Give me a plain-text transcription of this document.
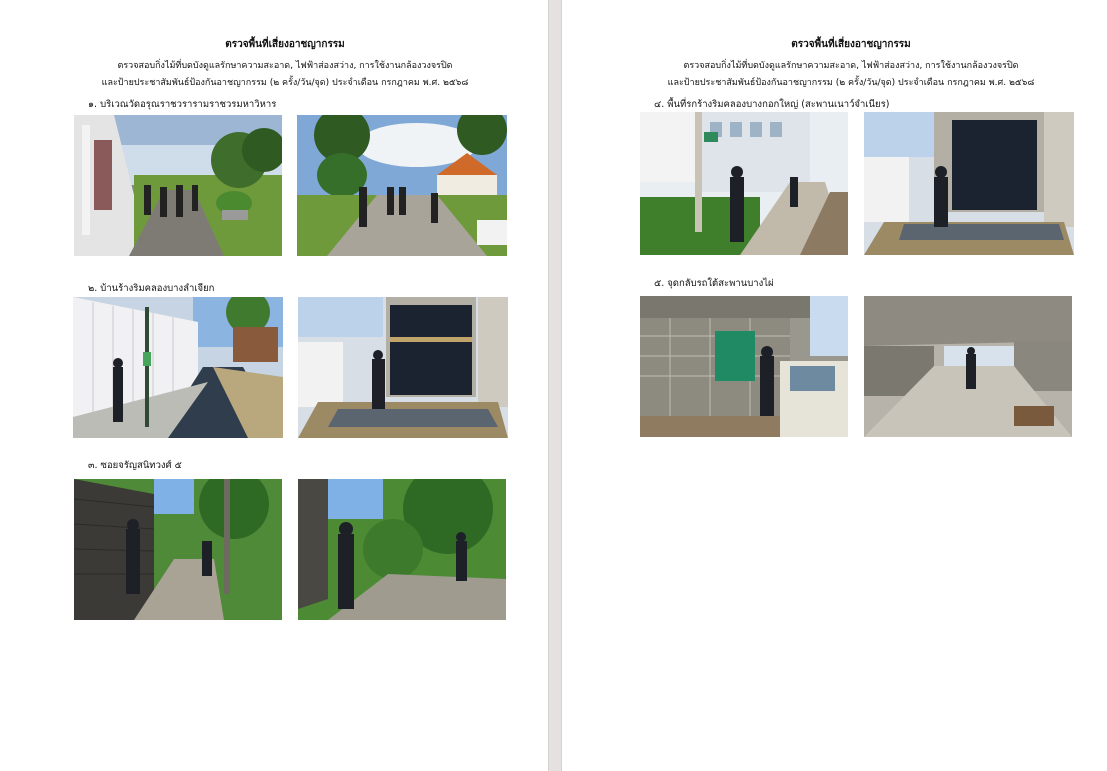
ตรวจพื้นที่เสี่ยงอาชญากรรม
ตรวจสอบกิ่งไม้ที่บดบังดูแลรักษาความสะอาด, ไฟฟ้าส่องสว่าง, การใช้งานกล้องวงจรปิด
และป้ายประชาสัมพันธ์ป้องกันอาชญากรรม (๒ ครั้ง/วัน/จุด) ประจำเดือน กรกฎาคม พ.ศ. ๒๕๖๘
๑. บริเวณวัดอรุณราชวรารามราชวรมหาวิหาร
๒. บ้านร้างริมคลองบางลำเจียก
๓. ซอยจรัญสนิทวงศ์ ๕
ตรวจพื้นที่เสี่ยงอาชญากรรม
ตรวจสอบกิ่งไม้ที่บดบังดูแลรักษาความสะอาด, ไฟฟ้าส่องสว่าง, การใช้งานกล้องวงจรปิด
และป้ายประชาสัมพันธ์ป้องกันอาชญากรรม (๒ ครั้ง/วัน/จุด) ประจำเดือน กรกฎาคม พ.ศ. ๒๕๖๘
๔. พื้นที่รกร้างริมคลองบางกอกใหญ่ (สะพานเนาว์จำเนียร)
๕. จุดกลับรถใต้สะพานบางไผ่
